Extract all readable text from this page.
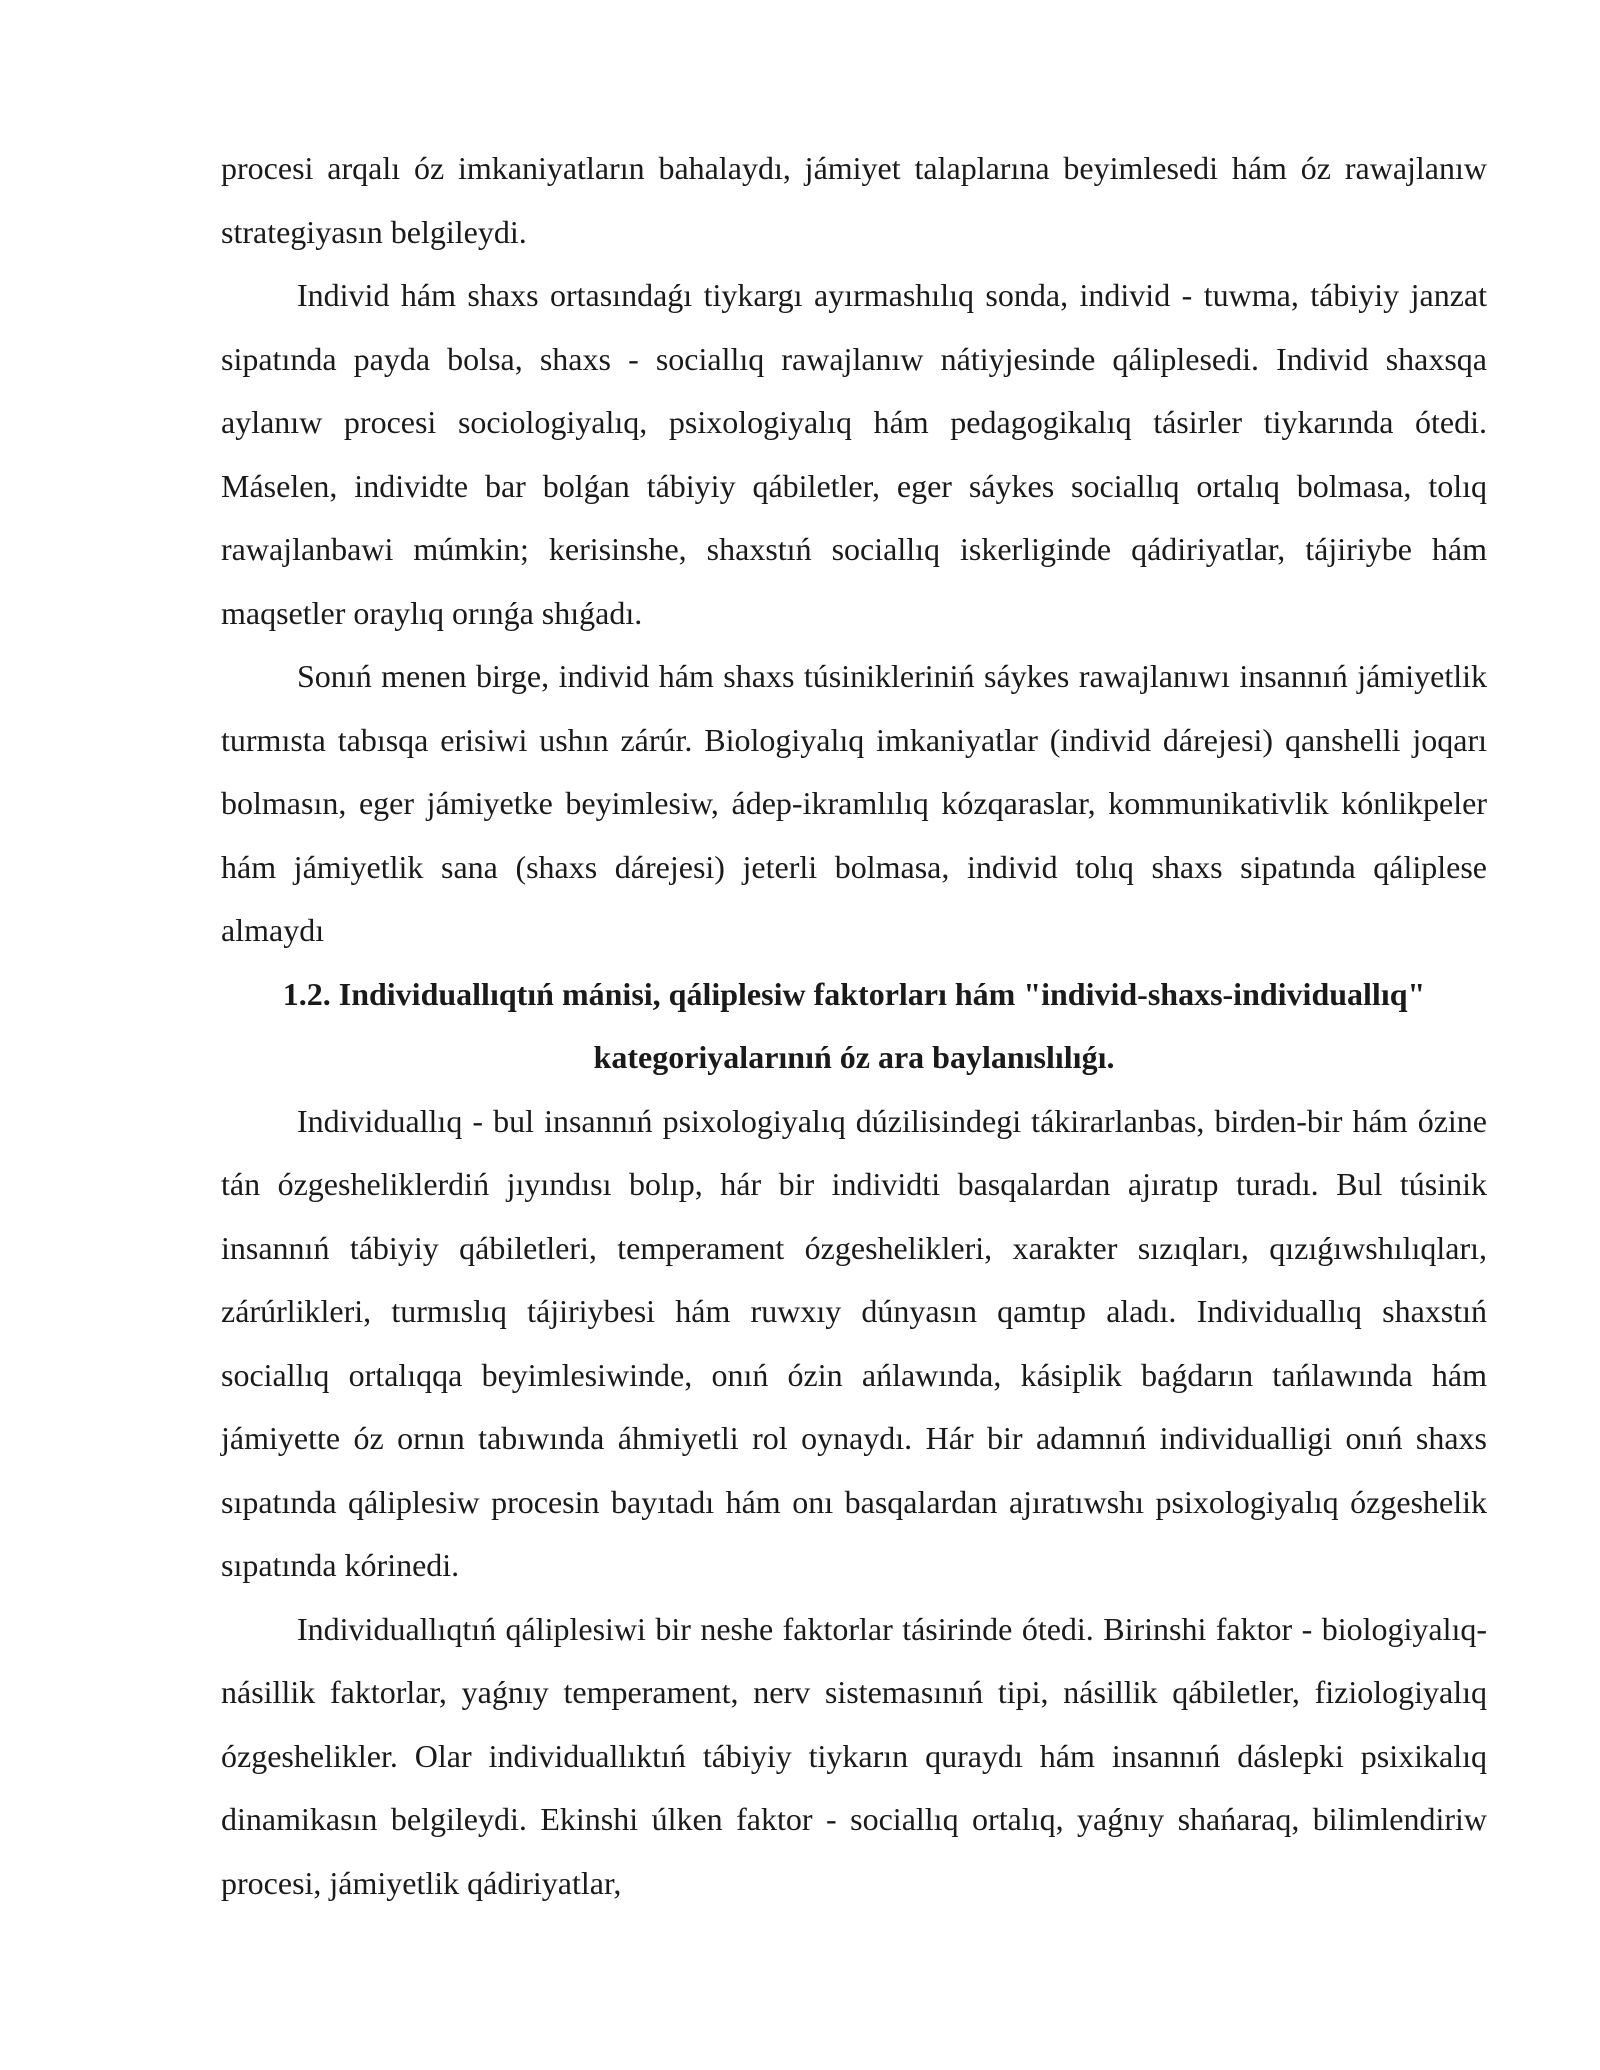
procesi arqalı óz imkaniyatların bahalaydı, jámiyet talaplarına beyimlesedi hám óz rawajlanıw strategiyasın belgileydi.

Individ hám shaxs ortasındaǵı tiykargı ayırmashılıq sonda, individ - tuwma, tábiyiy janzat sipatında payda bolsa, shaxs - sociallıq rawajlanıw nátiyjesinde qáliplesedi. Individ shaxsqa aylanıw procesi sociologiyalıq, psixologiyalıq hám pedagogikalıq tásirler tiykarında ótedi. Máselen, individte bar bolǵan tábiyiy qábiletler, eger sáykes sociallıq ortalıq bolmasa, tolıq rawajlanbawi múmkin; kerisinshe, shaxstıń sociallıq iskerliginde qádiriyatlar, tájiriybe hám maqsetler oraylıq orınǵa shıǵadı.

Sonıń menen birge, individ hám shaxs túsinikleriniń sáykes rawajlanıwı insannıń jámiyetlik turmısta tabısqa erisiwi ushın zárúr. Biologiyalıq imkaniyatlar (individ dárejesi) qanshelli joqarı bolmasın, eger jámiyetke beyimlesiw, ádep-ikramlılıq kózqaraslar, kommunikativlik kónlikpeler hám jámiyetlik sana (shaxs dárejesi) jeterli bolmasa, individ tolıq shaxs sipatında qáliplese almaydı

1.2. Individuallıqtıń mánisi, qáliplesiw faktorları hám "individ-shaxs-individuallıq" kategoriyalarınıń óz ara baylanıslılıǵı.

Individuallıq - bul insannıń psixologiyalıq dúzilisindegi tákirarlanbas, birden-bir hám ózine tán ózgesheliklerdiń jıyındısı bolıp, hár bir individti basqalardan ajıratıp turadı. Bul túsinik insannıń tábiyiy qábiletleri, temperament ózgeshelikleri, xarakter sızıqları, qızıǵıwshılıqları, zárúrlikleri, turmıslıq tájiriybesi hám ruwxıy dúnyasın qamtıp aladı. Individuallıq shaxstıń sociallıq ortalıqqa beyimlesiwinde, onıń ózin ańlawında, kásiplik baǵdarın tańlawında hám jámiyette óz ornın tabıwında áhmiyetli rol oynaydı. Hár bir adamnıń individualligi onıń shaxs sıpatında qáliplesiw procesin bayıtadı hám onı basqalardan ajıratıwshı psixologiyalıq ózgeshelik sıpatında kórinedi.

Individuallıqtıń qáliplesiwi bir neshe faktorlar tásirinde ótedi. Birinshi faktor - biologiyalıq-násillik faktorlar, yaǵnıy temperament, nerv sistemasınıń tipi, násillik qábiletler, fiziologiyalıq ózgeshelikler. Olar individuallıktıń tábiyiy tiykarın quraydı hám insannıń dáslepki psixikalıq dinamikasın belgileydi. Ekinshi úlken faktor - sociallıq ortalıq, yaǵnıy shańaraq, bilimlendiriw procesi, jámiyetlik qádiriyatlar,
